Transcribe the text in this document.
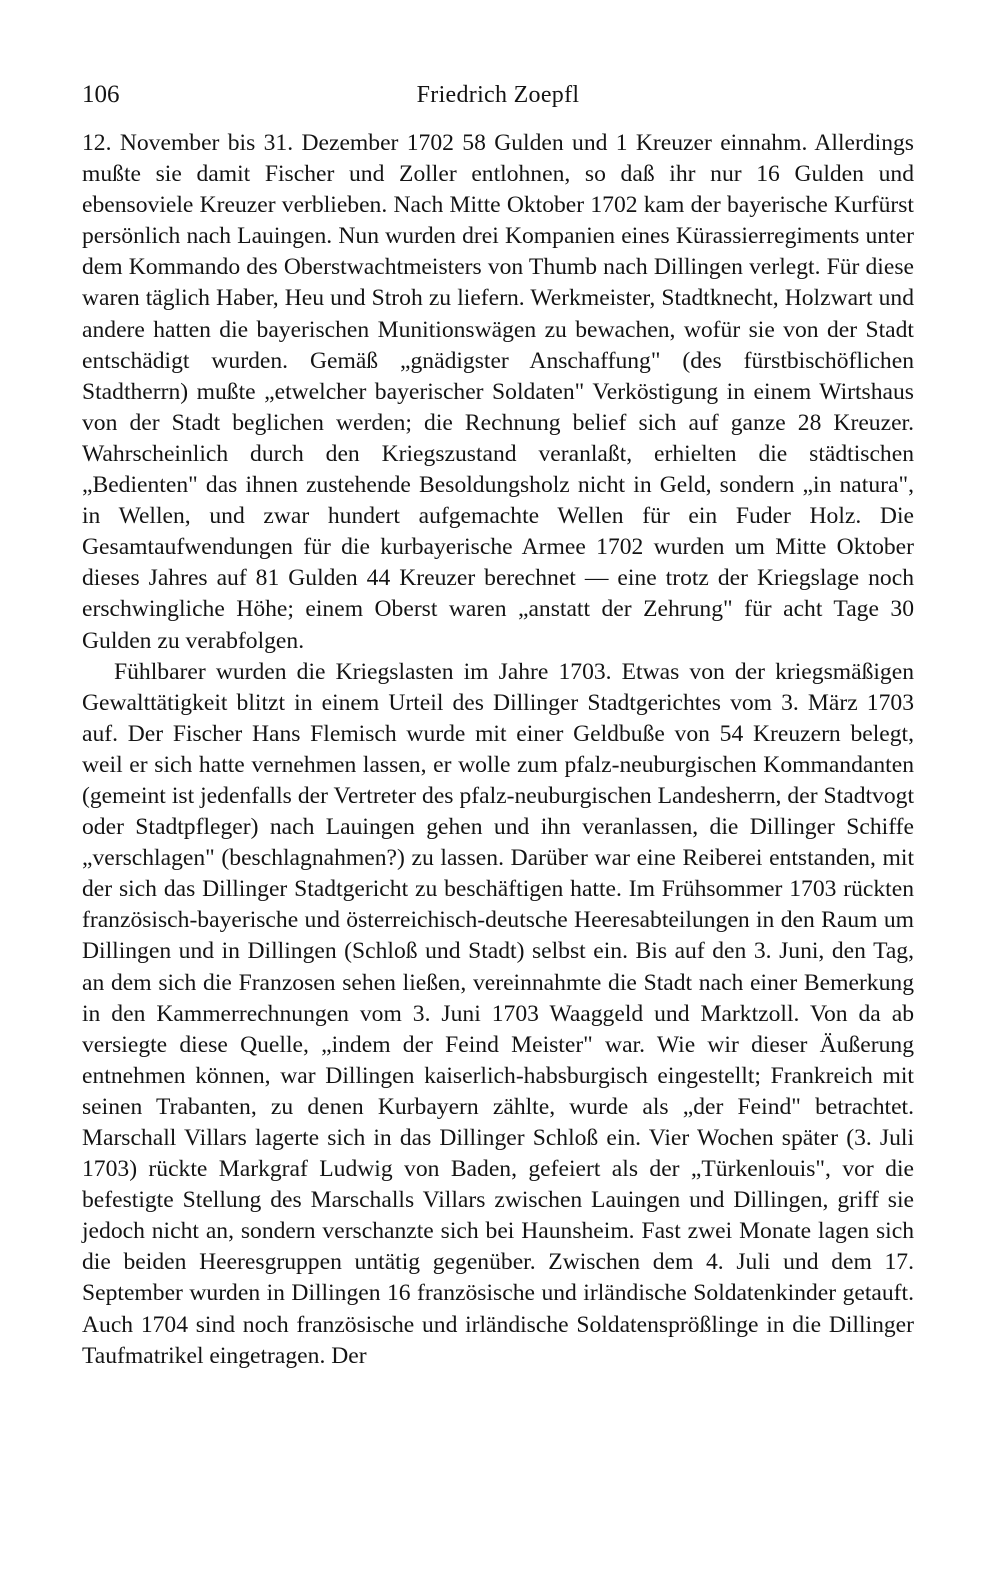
106	Friedrich Zoepfl

12. November bis 31. Dezember 1702 58 Gulden und 1 Kreuzer einnahm. Allerdings mußte sie damit Fischer und Zoller entlohnen, so daß ihr nur 16 Gulden und ebensoviele Kreuzer verblieben. Nach Mitte Oktober 1702 kam der bayerische Kurfürst persönlich nach Lauingen. Nun wurden drei Kompanien eines Kürassierregiments unter dem Kommando des Oberstwachtmeisters von Thumb nach Dillingen verlegt. Für diese waren täglich Haber, Heu und Stroh zu liefern. Werkmeister, Stadtknecht, Holzwart und andere hatten die bayerischen Munitionswägen zu bewachen, wofür sie von der Stadt entschädigt wurden. Gemäß „gnädigster Anschaffung" (des fürstbischöflichen Stadtherrn) mußte „etwelcher bayerischer Soldaten" Verköstigung in einem Wirtshaus von der Stadt beglichen werden; die Rechnung belief sich auf ganze 28 Kreuzer. Wahrscheinlich durch den Kriegszustand veranlaßt, erhielten die städtischen „Bedienten" das ihnen zustehende Besoldungsholz nicht in Geld, sondern „in natura", in Wellen, und zwar hundert aufgemachte Wellen für ein Fuder Holz. Die Gesamtaufwendungen für die kurbayerische Armee 1702 wurden um Mitte Oktober dieses Jahres auf 81 Gulden 44 Kreuzer berechnet — eine trotz der Kriegslage noch erschwingliche Höhe; einem Oberst waren „anstatt der Zehrung" für acht Tage 30 Gulden zu verabfolgen.

Fühlbarer wurden die Kriegslasten im Jahre 1703. Etwas von der kriegsmäßigen Gewalttätigkeit blitzt in einem Urteil des Dillinger Stadtgerichtes vom 3. März 1703 auf. Der Fischer Hans Flemisch wurde mit einer Geldbuße von 54 Kreuzern belegt, weil er sich hatte vernehmen lassen, er wolle zum pfalz-neuburgischen Kommandanten (gemeint ist jedenfalls der Vertreter des pfalz-neuburgischen Landesherrn, der Stadtvogt oder Stadtpfleger) nach Lauingen gehen und ihn veranlassen, die Dillinger Schiffe „verschlagen" (beschlagnahmen?) zu lassen. Darüber war eine Reiberei entstanden, mit der sich das Dillinger Stadtgericht zu beschäftigen hatte. Im Frühsommer 1703 rückten französisch-bayerische und österreichisch-deutsche Heeresabteilungen in den Raum um Dillingen und in Dillingen (Schloß und Stadt) selbst ein. Bis auf den 3. Juni, den Tag, an dem sich die Franzosen sehen ließen, vereinnahmte die Stadt nach einer Bemerkung in den Kammerrechnungen vom 3. Juni 1703 Waaggeld und Marktzoll. Von da ab versiegte diese Quelle, „indem der Feind Meister" war. Wie wir dieser Äußerung entnehmen können, war Dillingen kaiserlich-habsburgisch eingestellt; Frankreich mit seinen Trabanten, zu denen Kurbayern zählte, wurde als „der Feind" betrachtet. Marschall Villars lagerte sich in das Dillinger Schloß ein. Vier Wochen später (3. Juli 1703) rückte Markgraf Ludwig von Baden, gefeiert als der „Türkenlouis", vor die befestigte Stellung des Marschalls Villars zwischen Lauingen und Dillingen, griff sie jedoch nicht an, sondern verschanzte sich bei Haunsheim. Fast zwei Monate lagen sich die beiden Heeresgruppen untätig gegenüber. Zwischen dem 4. Juli und dem 17. September wurden in Dillingen 16 französische und irländische Soldatenkinder getauft. Auch 1704 sind noch französische und irländische Soldatensprößlinge in die Dillinger Taufmatrikel eingetragen. Der
